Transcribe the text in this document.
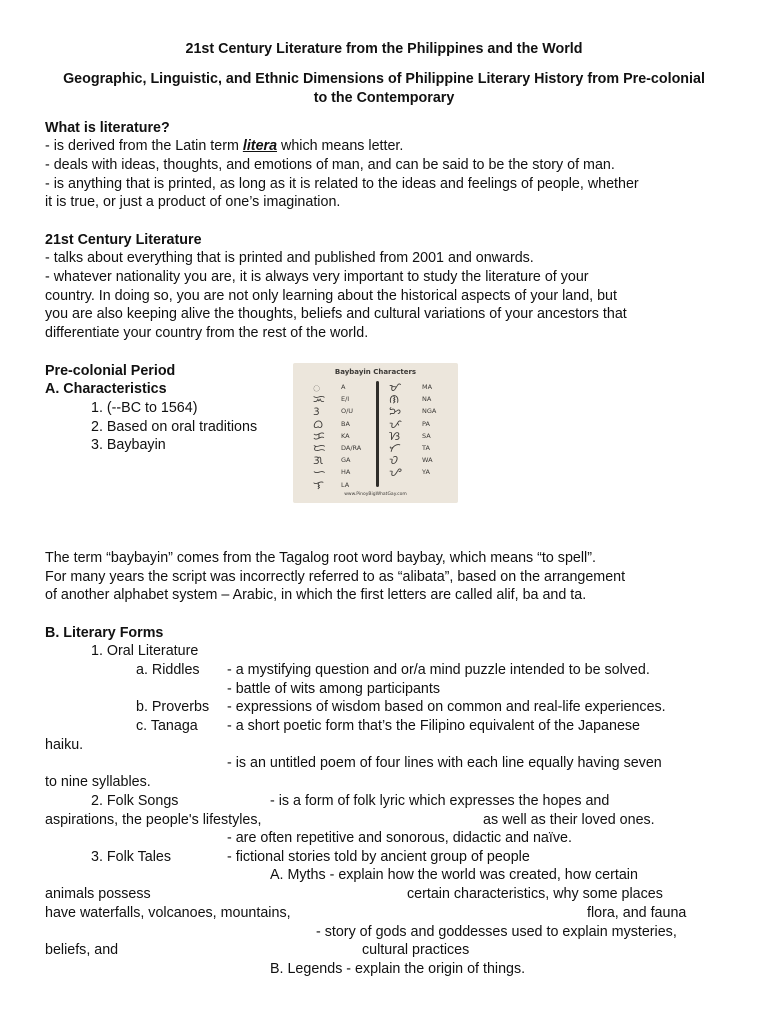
21st Century Literature from the Philippines and the World
Geographic, Linguistic, and Ethnic Dimensions of Philippine Literary History from Pre-colonial
to the Contemporary
What is literature?
- is derived from the Latin term litera which means letter.
- deals with ideas, thoughts, and emotions of man, and can be said to be the story of man.
- is anything that is printed, as long as it is related to the ideas and feelings of people, whether
it is true, or just a product of one’s imagination.
21st Century Literature
- talks about everything that is printed and published from 2001 and onwards.
- whatever nationality you are, it is always very important to study the literature of your
country. In doing so, you are not only learning about the historical aspects of your land, but
you are also keeping alive the thoughts, beliefs and cultural variations of your ancestors that
differentiate your country from the rest of the world.
Pre-colonial Period
A. Characteristics
1. (--BC to 1564)
2. Based on oral traditions
3. Baybayin
Baybayin Characters
www.PinoyBigWhatGay.com
ᜀ	A
ᜁ E/I
ᜂ	O/U
ᜊ	BA
ᜃ KA
ᜇ DA/RA
ᜄ	GA
ᜑ HA
ᜎ	LA
ᜋ	MA
ᜈ	NA
ᜅ	NGA
ᜉ	PA
ᜐ	SA
ᜆ	TA
ᜏ	WA
ᜌ	YA
The term “baybayin” comes from the Tagalog root word baybay, which means “to spell”.
For many years the script was incorrectly referred to as “alibata”, based on the arrangement
of another alphabet system – Arabic, in which the first letters are called alif, ba and ta.
B. Literary Forms
1. Oral Literature
a. Riddles - a mystifying question and or/a mind puzzle intended to be solved.
- battle of wits among participants
b. Proverbs - expressions of wisdom based on common and real-life experiences.
c. Tanaga - a short poetic form that’s the Filipino equivalent of the Japanese
haiku.
- is an untitled poem of four lines with each line equally having seven
to nine syllables.
2. Folk Songs	- is a form of folk lyric which expresses the hopes and
aspirations, the people's lifestyles,	as well as their loved ones.
- are often repetitive and sonorous, didactic and naïve.
3. Folk Tales	- fictional stories told by ancient group of people
A. Myths - explain how the world was created, how certain
animals possess	certain characteristics, why some places
have waterfalls, volcanoes, mountains,	flora, and fauna
- story of gods and goddesses used to explain mysteries,
beliefs, and	cultural practices
B. Legends - explain the origin of things.
